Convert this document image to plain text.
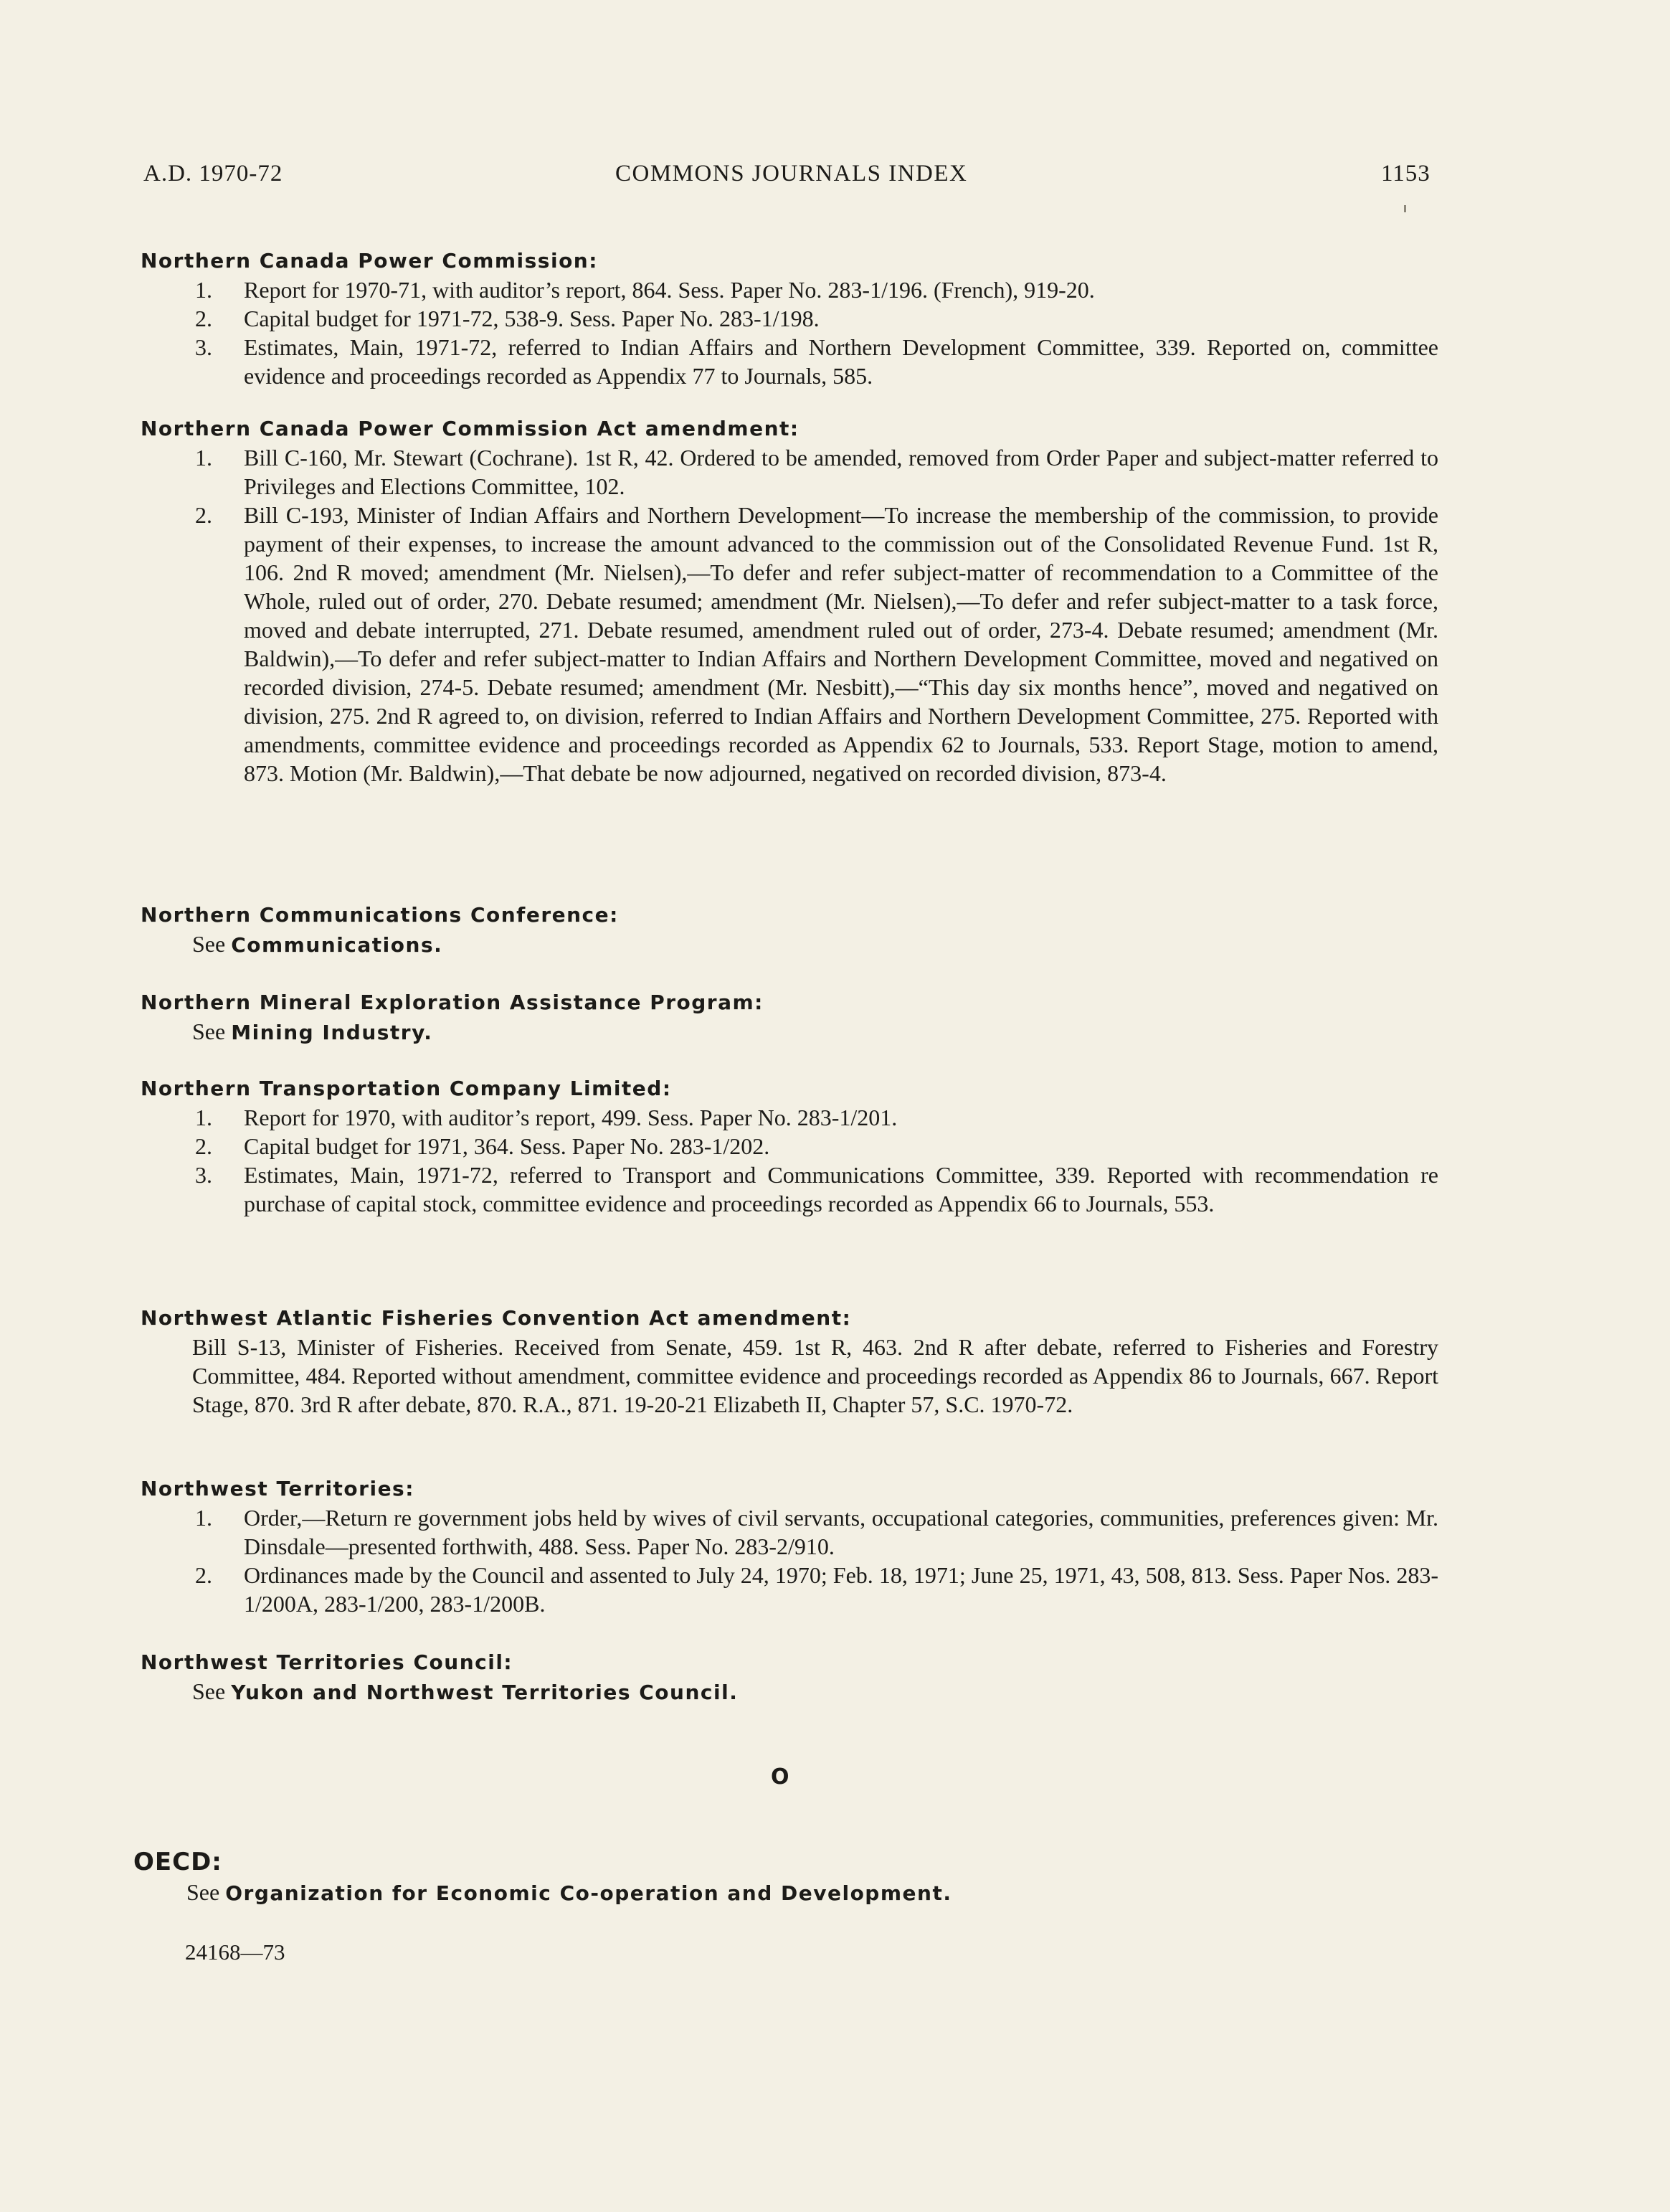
A.D. 1970-72	COMMONS JOURNALS INDEX	1153
Northern Canada Power Commission:
1.	Report for 1970-71, with auditor’s report, 864. Sess. Paper No. 283-1/196. (French), 919-20.
2.	Capital budget for 1971-72, 538-9. Sess. Paper No. 283-1/198.
3.	Estimates, Main, 1971-72, referred to Indian Affairs and Northern Development Committee, 339. Reported on, committee evidence and proceedings recorded as Appendix 77 to Journals, 585.
Northern Canada Power Commission Act amendment:
1.	Bill C-160, Mr. Stewart (Cochrane). 1st R, 42. Ordered to be amended, removed from Order Paper and subject-matter referred to Privileges and Elections Committee, 102.
2.	Bill C-193, Minister of Indian Affairs and Northern Development—To increase the membership of the commission, to provide payment of their expenses, to increase the amount advanced to the commission out of the Consolidated Revenue Fund. 1st R, 106. 2nd R moved; amendment (Mr. Nielsen),—To defer and refer subject-matter of recommendation to a Committee of the Whole, ruled out of order, 270. Debate resumed; amendment (Mr. Nielsen),—To defer and refer subject-matter to a task force, moved and debate interrupted, 271. Debate resumed, amendment ruled out of order, 273-4. Debate resumed; amendment (Mr. Baldwin),—To defer and refer subject-matter to Indian Affairs and Northern Development Committee, moved and negatived on recorded division, 274-5. Debate resumed; amendment (Mr. Nesbitt),—“This day six months hence”, moved and negatived on division, 275. 2nd R agreed to, on division, referred to Indian Affairs and Northern Development Committee, 275. Reported with amendments, committee evidence and proceedings recorded as Appendix 62 to Journals, 533. Report Stage, motion to amend, 873. Motion (Mr. Baldwin),—That debate be now adjourned, negatived on recorded division, 873-4.
Northern Communications Conference:
See Communications.
Northern Mineral Exploration Assistance Program:
See Mining Industry.
Northern Transportation Company Limited:
1.	Report for 1970, with auditor’s report, 499. Sess. Paper No. 283-1/201.
2.	Capital budget for 1971, 364. Sess. Paper No. 283-1/202.
3.	Estimates, Main, 1971-72, referred to Transport and Communications Committee, 339. Reported with recommendation re purchase of capital stock, committee evidence and proceedings recorded as Appendix 66 to Journals, 553.
Northwest Atlantic Fisheries Convention Act amendment:
Bill S-13, Minister of Fisheries. Received from Senate, 459. 1st R, 463. 2nd R after debate, referred to Fisheries and Forestry Committee, 484. Reported without amendment, committee evidence and proceedings recorded as Appendix 86 to Journals, 667. Report Stage, 870. 3rd R after debate, 870. R.A., 871. 19-20-21 Elizabeth II, Chapter 57, S.C. 1970-72.
Northwest Territories:
1.	Order,—Return re government jobs held by wives of civil servants, occupational categories, communities, preferences given: Mr. Dinsdale—presented forthwith, 488. Sess. Paper No. 283-2/910.
2.	Ordinances made by the Council and assented to July 24, 1970; Feb. 18, 1971; June 25, 1971, 43, 508, 813. Sess. Paper Nos. 283-1/200A, 283-1/200, 283-1/200B.
Northwest Territories Council:
See Yukon and Northwest Territories Council.
O
OECD:
See Organization for Economic Co-operation and Development.
24168—73
